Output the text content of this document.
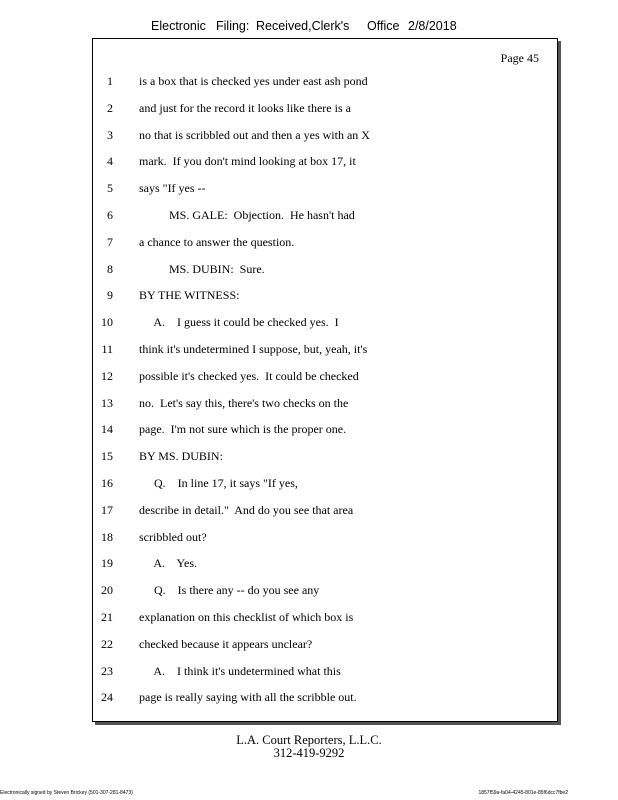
Electronic Filing: Received,Clerk's Office 2/8/2018
Page 45
1 is a box that is checked yes under east ash pond
2 and just for the record it looks like there is a
3 no that is scribbled out and then a yes with an X
4 mark.  If you don't mind looking at box 17, it
5 says "If yes --
6 MS. GALE:  Objection.  He hasn't had
7 a chance to answer the question.
8 MS. DUBIN:  Sure.
9 BY THE WITNESS:
10 A.    I guess it could be checked yes.  I
11 think it's undetermined I suppose, but, yeah, it's
12 possible it's checked yes.  It could be checked
13 no.  Let's say this, there's two checks on the
14 page.  I'm not sure which is the proper one.
15 BY MS. DUBIN:
16 Q.    In line 17, it says "If yes,
17 describe in detail."  And do you see that area
18 scribbled out?
19 A.    Yes.
20 Q.    Is there any -- do you see any
21 explanation on this checklist of which box is
22 checked because it appears unclear?
23 A.    I think it's undetermined what this
24 page is really saying with all the scribble out.
L.A. Court Reporters, L.L.C.
312-419-9292
Electronically signed by Steven Brickey (501-307-281-8473)	1857f59a-fa04-4245-801e-85f6dcc7fbe2
